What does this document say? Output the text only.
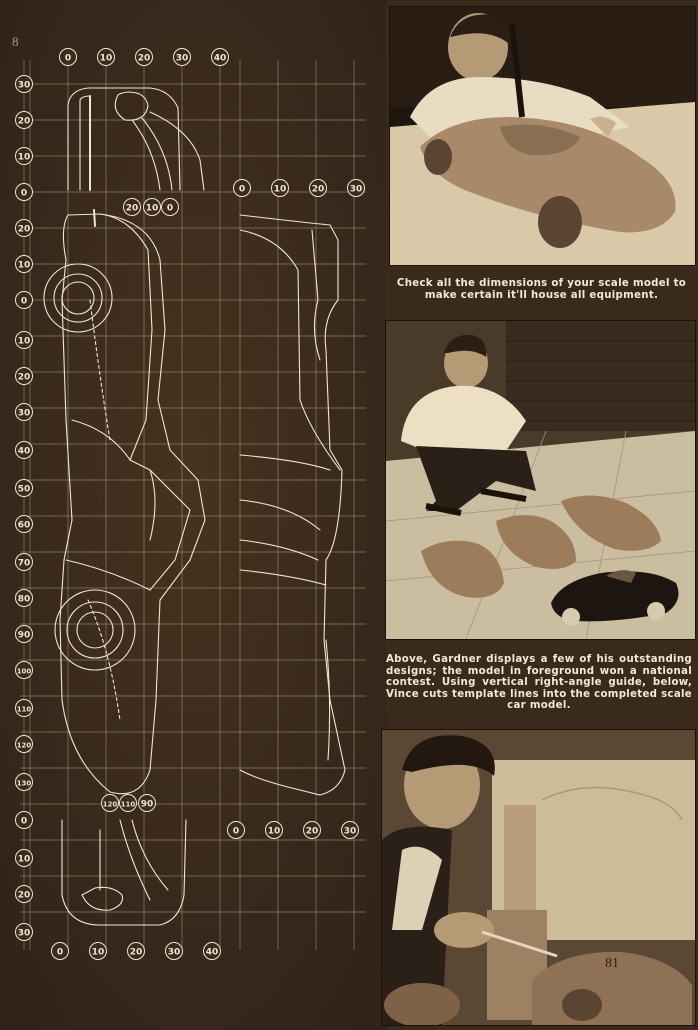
0	10	20	30	40
0	10	20	30	40
0	10	20	30
0	10	20	30
30
20
10
0
20
10
0
10
20
30
40
50
60
70
80
90
100
110
120
130
0
10
20
30
20 10 0
120 110 90
8
Check all the dimensions of your scale model to make certain it'll house all equipment.
Above, Gardner displays a few of his outstanding designs; the model in foreground won a national contest. Using vertical right-angle guide, below, Vince cuts template lines into the completed scale car model.
81
